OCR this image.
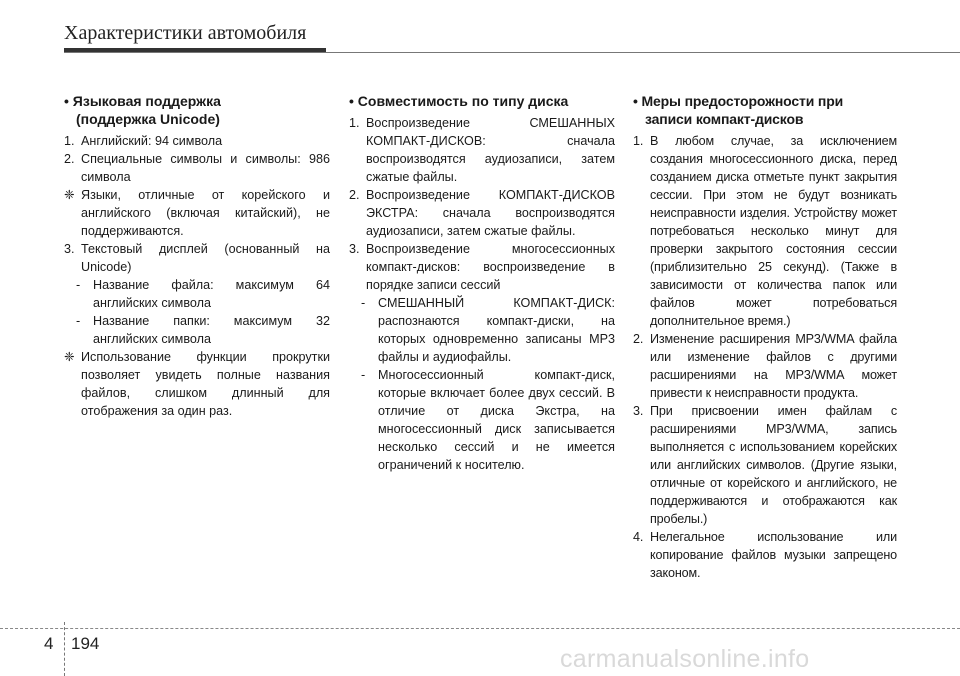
Характеристики автомобиля
• Языковая поддержка
(поддержка Unicode)
1. Английский: 94 символа
2. Специальные символы и символы: 986 символа
❈ Языки, отличные от корейского и английского (включая китайский), не поддерживаются.
3. Текстовый дисплей (основанный на Unicode)
- Название файла: максимум 64 английских символа
- Название папки: максимум 32 английских символа
❈ Использование функции прокрутки позволяет увидеть полные названия файлов, слишком длинный для отображения за один раз.
• Совместимость по типу диска
1. Воспроизведение СМЕШАННЫХ КОМПАКТ-ДИСКОВ: сначала воспроизводятся аудиозаписи, затем сжатые файлы.
2. Воспроизведение КОМПАКТ-ДИСКОВ ЭКСТРА: сначала воспроизводятся аудиозаписи, затем сжатые файлы.
3. Воспроизведение многосессионных компакт-дисков: воспроизведение в порядке записи сессий
- СМЕШАННЫЙ КОМПАКТ-ДИСК: распознаются компакт-диски, на которых одновременно записаны МР3 файлы и аудиофайлы.
- Многосессионный компакт-диск, которые включает более двух сессий. В отличие от диска Экстра, на многосессионный диск записывается несколько сессий и не имеется ограничений к носителю.
• Меры предосторожности при
записи компакт-дисков
1. В любом случае, за исключением создания многосессионного диска, перед созданием диска отметьте пункт закрытия сессии. При этом не будут возникать неисправности изделия. Устройству может потребоваться несколько минут для проверки закрытого состояния сессии (приблизительно 25 секунд). (Также в зависимости от количества папок или файлов может потребоваться дополнительное время.)
2. Изменение расширения MP3/WMA файла или изменение файлов с другими расширениями на MP3/WMA может привести к неисправности продукта.
3. При присвоении имен файлам с расширениями MP3/WMA, запись выполняется с использованием корейских или английских символов. (Другие языки, отличные от корейского и английского, не поддерживаются и отображаются как пробелы.)
4. Нелегальное использование или копирование файлов музыки запрещено законом.
4 194
carmanualsonline.info
